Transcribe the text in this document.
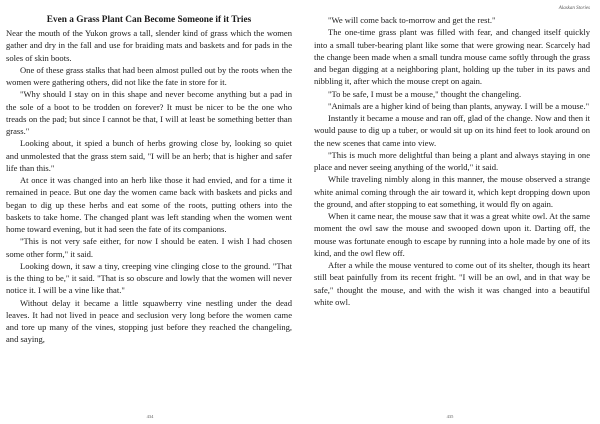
Even a Grass Plant Can Become Someone if it Tries

Near the mouth of the Yukon grows a tall, slender kind of grass which the women gather and dry in the fall and use for braiding mats and baskets and for pads in the soles of skin boots.

One of these grass stalks that had been almost pulled out by the roots when the women were gathering others, did not like the fate in store for it.

"Why should I stay on in this shape and never become anything but a pad in the sole of a boot to be trodden on forever? It must be nicer to be the one who treads on the pad; but since I cannot be that, I will at least be something better than grass."

Looking about, it spied a bunch of herbs growing close by, looking so quiet and unmolested that the grass stem said, "I will be an herb; that is higher and safer life than this."

At once it was changed into an herb like those it had envied, and for a time it remained in peace. But one day the women came back with baskets and picks and began to dig up these herbs and eat some of the roots, putting others into the baskets to take home. The changed plant was left standing when the women went home toward evening, but it had seen the fate of its companions.

"This is not very safe either, for now I should be eaten. I wish I had chosen some other form," it said.

Looking down, it saw a tiny, creeping vine clinging close to the ground. "That is the thing to be," it said. "That is so obscure and lowly that the women will never notice it. I will be a vine like that."

Without delay it became a little squawberry vine nestling under the dead leaves. It had not lived in peace and seclusion very long before the women came and tore up many of the vines, stopping just before they reached the changeling, and saying,

434
Alaskan Stories

"We will come back to-morrow and get the rest."

The one-time grass plant was filled with fear, and changed itself quickly into a small tuber-bearing plant like some that were growing near. Scarcely had the change been made when a small tundra mouse came softly through the grass and began digging at a neighboring plant, holding up the tuber in its paws and nibbling it, after which the mouse crept on again.

"To be safe, I must be a mouse," thought the changeling.

"Animals are a higher kind of being than plants, anyway. I will be a mouse."

Instantly it became a mouse and ran off, glad of the change. Now and then it would pause to dig up a tuber, or would sit up on its hind feet to look around on the new scenes that came into view.

"This is much more delightful than being a plant and always staying in one place and never seeing anything of the world," it said.

While traveling nimbly along in this manner, the mouse observed a strange white animal coming through the air toward it, which kept dropping down upon the ground, and after stopping to eat something, it would fly on again.

When it came near, the mouse saw that it was a great white owl. At the same moment the owl saw the mouse and swooped down upon it. Darting off, the mouse was fortunate enough to escape by running into a hole made by one of its kind, and the owl flew off.

After a while the mouse ventured to come out of its shelter, though its heart still beat painfully from its recent fright. "I will be an owl, and in that way be safe," thought the mouse, and with the wish it was changed into a beautiful white owl.

435
